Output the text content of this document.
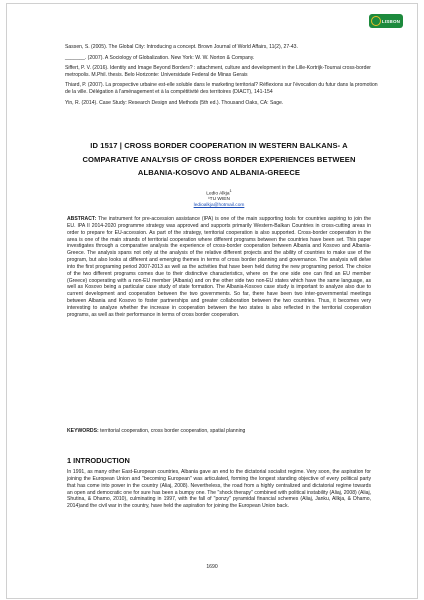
LISBON

Sassen, S. (2005). The Global City: Introducing a concept. Brown Journal of World Affairs, 11(2), 27-43.

_______. (2007). A Sociology of Globalization. New York: W. W. Norton & Company.

Siffert, P. V. (2016). Identity and Image Beyond Borders? : attachment, culture and development in the Lille-Kortrijk-Tournai cross-border metropolis. M.Phil. thesis. Belo Horizonte: Universidade Federal de Minas Gerais

Thiard, P. (2007). La prospective urbaine est-elle soluble dans le marketing territorial? Réflexions sur l'évocation du futur dans la promotion de la ville. Délégation à l'aménagement et à la compétitivité des territoires (DIACT), 141-154

Yin, R. (2014). Case Study: Research Design and Methods (5th ed.). Thousand Oaks, CA: Sage.

ID 1517 | CROSS BORDER COOPERATION IN WESTERN BALKANS- A COMPARATIVE ANALYSIS OF CROSS BORDER EXPERIENCES BETWEEN ALBANIA-KOSOVO AND ALBANIA-GREECE
Ledio Alkja$^1$
¹TU WIEN
ledioalkja@hotmail.com
ABSTRACT: The instrument for pre-accession assistance (IPA) is one of the main supporting tools for countries aspiring to join the EU. IPA II 2014-2020 programme strategy was approved and supports primarily Western-Balkan Countries in cross-cutting areas in order to prepare for EU-accession. As part of the strategy, territorial cooperation is also supported. Cross-border cooperation in the area is one of the main strands of territorial cooperation where different programs between the countries have been set. This paper investigates through a comparative analysis the experience of cross-border cooperation between Albania and Kosovo and Albania-Greece. The analysis spans not only at the analysis of the relative different projects and the ability of countries to make use of the program, but also looks at different and emerging themes in terms of cross border planning and governance. The analysis will delve into the first programing period 2007-2013 as well as the activities that have been held during the new programing period. The choice of the two different programs comes due to their distinctive characteristics, where on the one side one can find an EU member (Greece) cooperating with a non-EU member (Albania) and on the other side two non-EU states which have the same language, as well as Kosovo being a particular case study of state formation. The Albania-Kosovo case study is important to analyze also due to current development and cooperation between the two governments. So far, there have been two inter-governmental meetings between Albania and Kosovo to foster partnerships and greater collaboration between the two countries. Thus, it becomes very interesting to analyze whether the increase in cooperation between the two states is also reflected in the territorial cooperation programs, as well as their performance in terms of cross border cooperation.
KEYWORDS: territorial cooperation, cross border cooperation, spatial planning
1 INTRODUCTION
In 1991, as many other East-European countries, Albania gave an end to the dictatorial socialist regime. Very soon, the aspiration for joining the European Union and "becoming European" was articulated, forming the longest standing objective of every political party that has come into power in the country (Aliaj, 2008). Nevertheless, the road from a highly centralized and dictatorial regime towards an open and democratic one for sure has been a bumpy one. The "shock therapy" combined with political instability (Aliaj, 2008) (Aliaj, Shutina, & Dhamo, 2010), culminating in 1997, with the fall of "ponzy" pyramidal financial schemes (Aliaj, Janku, Allkja, & Dhamo, 2014)and the civil war in the country, have held the aspiration for joining the European Union back.
1690
